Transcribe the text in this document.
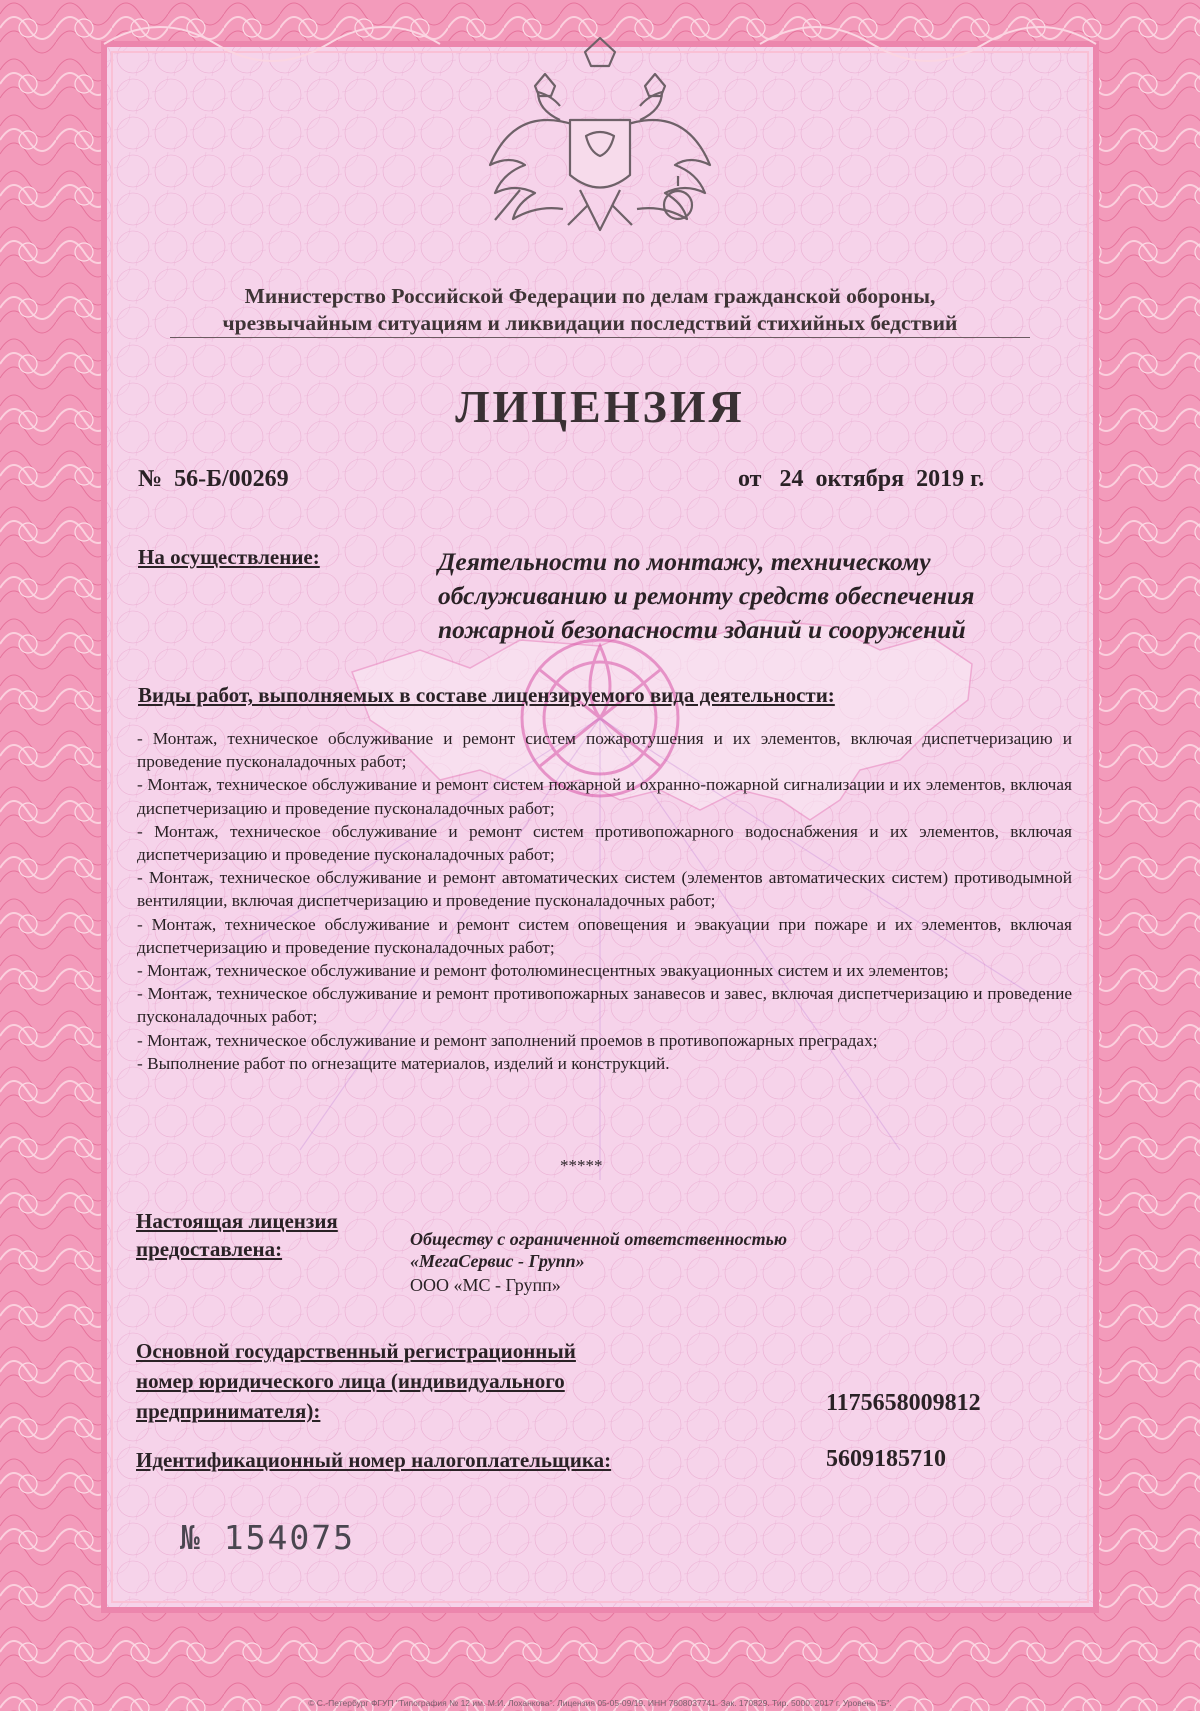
Министерство Российской Федерации по делам гражданской обороны,
чрезвычайным ситуациям и ликвидации последствий стихийных бедствий
ЛИЦЕНЗИЯ
№  56-Б/00269	от   24  октября  2019 г.
На осуществление:	Деятельности по монтажу, техническому
обслуживанию и ремонту средств обеспечения
пожарной безопасности зданий и сооружений
Виды работ, выполняемых в составе лицензируемого вида деятельности:
- Монтаж, техническое обслуживание и ремонт систем пожаротушения и их элементов, включая диспетчеризацию и проведение пусконаладочных работ;
- Монтаж, техническое обслуживание и ремонт систем пожарной и охранно-пожарной сигнализации и их элементов, включая диспетчеризацию и проведение пусконаладочных работ;
- Монтаж, техническое обслуживание и ремонт систем противопожарного водоснабжения и их элементов, включая диспетчеризацию и проведение пусконаладочных работ;
- Монтаж, техническое обслуживание и ремонт автоматических систем (элементов автоматических систем) противодымной вентиляции, включая диспетчеризацию и проведение пусконаладочных работ;
- Монтаж, техническое обслуживание и ремонт систем оповещения и эвакуации при пожаре и их элементов, включая диспетчеризацию и проведение пусконаладочных работ;
- Монтаж, техническое обслуживание и ремонт фотолюминесцентных эвакуационных систем и их элементов;
- Монтаж, техническое обслуживание и ремонт противопожарных занавесов и завес, включая диспетчеризацию и проведение пусконаладочных работ;
- Монтаж, техническое обслуживание и ремонт заполнений проемов в противопожарных преградах;
- Выполнение работ по огнезащите материалов, изделий и конструкций.
*****
Настоящая лицензия
предоставлена:	Обществу с ограниченной ответственностью
«МегаСервис - Групп»
ООО «МС - Групп»
Основной государственный регистрационный
номер юридического лица (индивидуального
предпринимателя):	1175658009812
Идентификационный номер налогоплательщика:	5609185710
№ 154075
© С.-Петербург ФГУП "Типография № 12 им. М.И. Лоханкова". Лицензия 05-05-09/19. ИНН 7808037741. Зак. 170829. Тир. 5000. 2017 г. Уровень "Б".
